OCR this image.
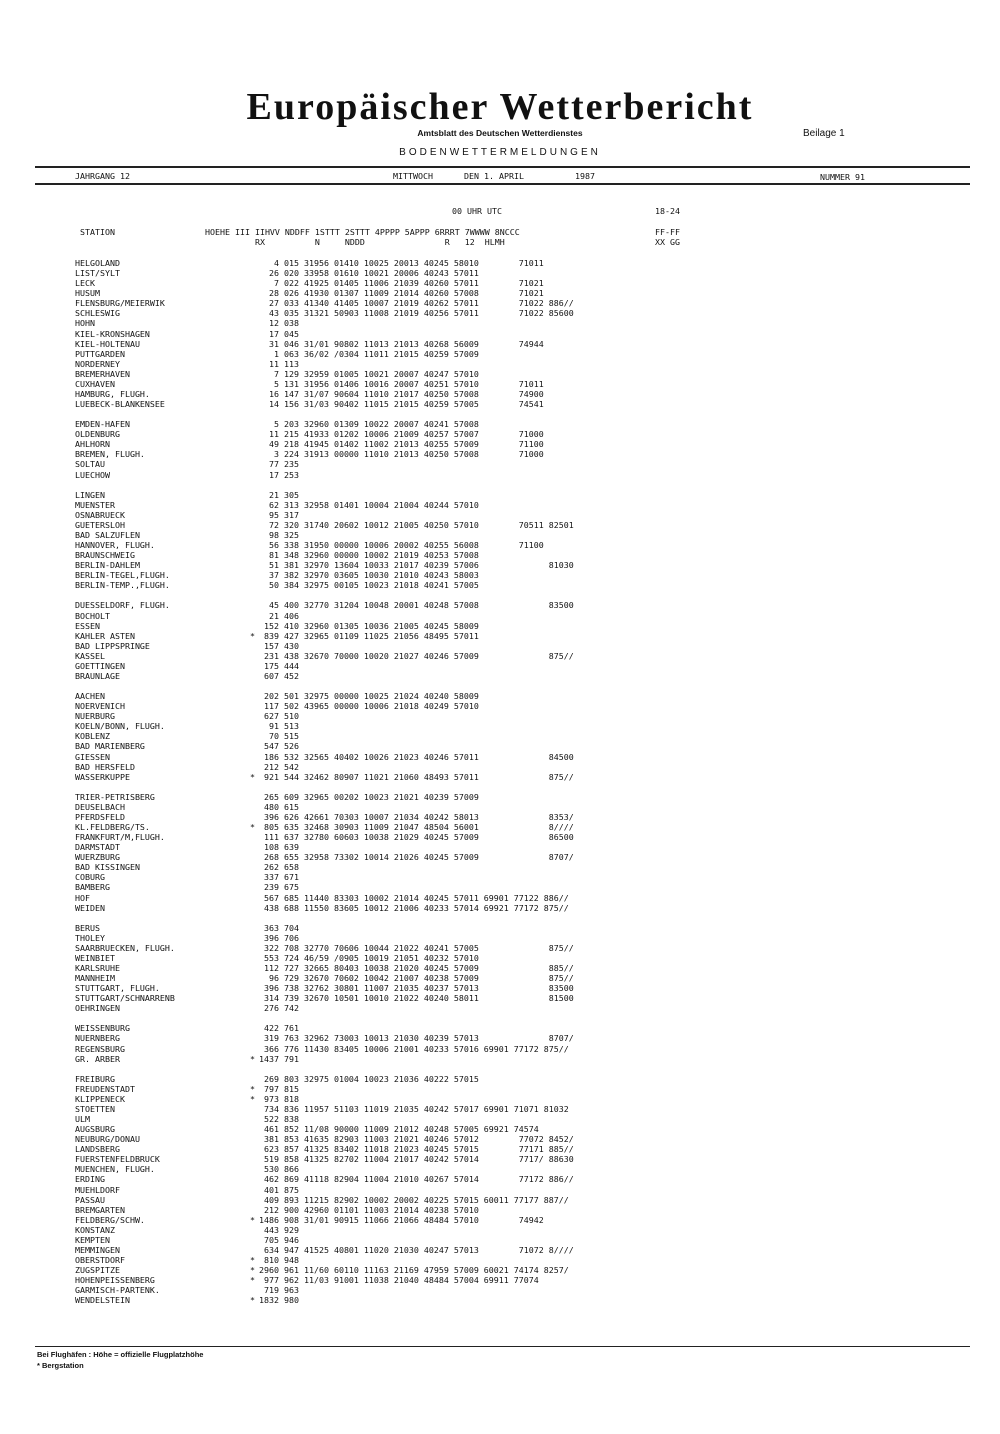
Europäischer Wetterbericht
Amtsblatt des Deutschen Wetterdienstes	Beilage 1
BODENWETTERMELDUNGEN
JAHRGANG 12	MITTWOCH	DEN 1. APRIL	1987	NUMMER 91
00 UHR UTC	18-24
STATION	HOEHE III IIHVV NDDFF 1STTT 2STTT 4PPPP 5APPP 6RRRT 7WWWW 8NCCC
RX          N     NDDD                R   12  HLMH
FF-FF
XX GG
HELGOLAND	4 015 31956 01410 10025 20013 40245 58010        71011
LIST/SYLT	26 020 33958 01610 10021 20006 40243 57011
LECK	7 022 41925 01405 11006 21039 40260 57011        71021
HUSUM	28 026 41930 01307 11009 21014 40260 57008        71021
FLENSBURG/MEIERWIK	27 033 41340 41405 10007 21019 40262 57011        71022 886//
SCHLESWIG	43 035 31321 50903 11008 21019 40256 57011        71022 85600
HOHN	12 038
KIEL-KRONSHAGEN	17 045
KIEL-HOLTENAU	31 046 31/01 90802 11013 21013 40268 56009        74944
PUTTGARDEN	1 063 36/02 /0304 11011 21015 40259 57009
NORDERNEY	11 113
BREMERHAVEN	7 129 32959 01005 10021 20007 40247 57010
CUXHAVEN	5 131 31956 01406 10016 20007 40251 57010        71011
HAMBURG, FLUGH.	16 147 31/07 90604 11010 21017 40250 57008        74900
LUEBECK-BLANKENSEE	14 156 31/03 90402 11015 21015 40259 57005        74541
EMDEN-HAFEN	5 203 32960 01309 10022 20007 40241 57008
OLDENBURG	11 215 41933 01202 10006 21009 40257 57007        71000
AHLHORN	49 218 41945 01402 11002 21013 40255 57009        71100
BREMEN, FLUGH.	3 224 31913 00000 11010 21013 40250 57008        71000
SOLTAU	77 235
LUECHOW	17 253
LINGEN	21 305
MUENSTER	62 313 32958 01401 10004 21004 40244 57010
OSNABRUECK	95 317
GUETERSLOH	72 320 31740 20602 10012 21005 40250 57010        70511 82501
BAD SALZUFLEN	98 325
HANNOVER, FLUGH.	56 338 31950 00000 10006 20002 40255 56008        71100
BRAUNSCHWEIG	81 348 32960 00000 10002 21019 40253 57008
BERLIN-DAHLEM	51 381 32970 13604 10033 21017 40239 57006              81030
BERLIN-TEGEL,FLUGH.	37 382 32970 03605 10030 21010 40243 58003
BERLIN-TEMP.,FLUGH.	50 384 32975 00105 10023 21018 40241 57005
DUESSELDORF, FLUGH.	45 400 32770 31204 10048 20001 40248 57008              83500
BOCHOLT	21 406
ESSEN	152 410 32960 01305 10036 21005 40245 58009
KAHLER ASTEN	*	839 427 32965 01109 11025 21056 48495 57011
BAD LIPPSPRINGE	157 430
KASSEL	231 438 32670 70000 10020 21027 40246 57009              875//
GOETTINGEN	175 444
BRAUNLAGE	607 452
AACHEN	202 501 32975 00000 10025 21024 40240 58009
NOERVENICH	117 502 43965 00000 10006 21018 40249 57010
NUERBURG	627 510
KOELN/BONN, FLUGH.	91 513
KOBLENZ	70 515
BAD MARIENBERG	547 526
GIESSEN	186 532 32565 40402 10026 21023 40246 57011              84500
BAD HERSFELD	212 542
WASSERKUPPE	*	921 544 32462 80907 11021 21060 48493 57011              875//
TRIER-PETRISBERG	265 609 32965 00202 10023 21021 40239 57009
DEUSELBACH	480 615
PFERDSFELD	396 626 42661 70303 10007 21034 40242 58013              8353/
KL.FELDBERG/TS.	*	805 635 32468 30903 11009 21047 48504 56001              8////
FRANKFURT/M,FLUGH.	111 637 32780 60603 10038 21029 40245 57009              86500
DARMSTADT	108 639
WUERZBURG	268 655 32958 73302 10014 21026 40245 57009              8707/
BAD KISSINGEN	262 658
COBURG	337 671
BAMBERG	239 675
HOF	567 685 11440 83303 10002 21014 40245 57011 69901 77122 886//
WEIDEN	438 688 11550 83605 10012 21006 40233 57014 69921 77172 875//
BERUS	363 704
THOLEY	396 706
SAARBRUECKEN, FLUGH.	322 708 32770 70606 10044 21022 40241 57005              875//
WEINBIET	553 724 46/59 /0905 10019 21051 40232 57010
KARLSRUHE	112 727 32665 80403 10038 21020 40245 57009              885//
MANNHEIM	96 729 32670 70602 10042 21007 40238 57009              875//
STUTTGART, FLUGH.	396 738 32762 30801 11007 21035 40237 57013              83500
STUTTGART/SCHNARRENB	314 739 32670 10501 10010 21022 40240 58011              81500
OEHRINGEN	276 742
WEISSENBURG	422 761
NUERNBERG	319 763 32962 73003 10013 21030 40239 57013              8707/
REGENSBURG	366 776 11430 83405 10006 21001 40233 57016 69901 77172 875//
GR. ARBER	* 1437 791
FREIBURG	269 803 32975 01004 10023 21036 40222 57015
FREUDENSTADT	*	797 815
KLIPPENECK	*	973 818
STOETTEN	734 836 11957 51103 11019 21035 40242 57017 69901 71071 81032
ULM	522 838
AUGSBURG	461 852 11/08 90000 11009 21012 40248 57005 69921 74574
NEUBURG/DONAU	381 853 41635 82903 11003 21021 40246 57012        77072 8452/
LANDSBERG	623 857 41325 83402 11018 21023 40245 57015        77171 885//
FUERSTENFELDBRUCK	519 858 41325 82702 11004 21017 40242 57014        7717/ 88630
MUENCHEN, FLUGH.	530 866
ERDING	462 869 41118 82904 11004 21010 40267 57014        77172 886//
MUEHLDORF	401 875
PASSAU	409 893 11215 82902 10002 20002 40225 57015 60011 77177 887//
BREMGARTEN	212 900 42960 01101 11003 21014 40238 57010
FELDBERG/SCHW.	* 1486 908 31/01 90915 11066 21066 48484 57010        74942
KONSTANZ	443 929
KEMPTEN	705 946
MEMMINGEN	634 947 41525 40801 11020 21030 40247 57013        71072 8////
OBERSTDORF	*	810 948
ZUGSPITZE	* 2960 961 11/60 60110 11163 21169 47959 57009 60021 74174 8257/
HOHENPEISSENBERG	*	977 962 11/03 91001 11038 21040 48484 57004 69911 77074
GARMISCH-PARTENK.	719 963
WENDELSTEIN	* 1832 980
Bei Flughäfen : Höhe = offizielle Flugplatzhöhe
* Bergstation
